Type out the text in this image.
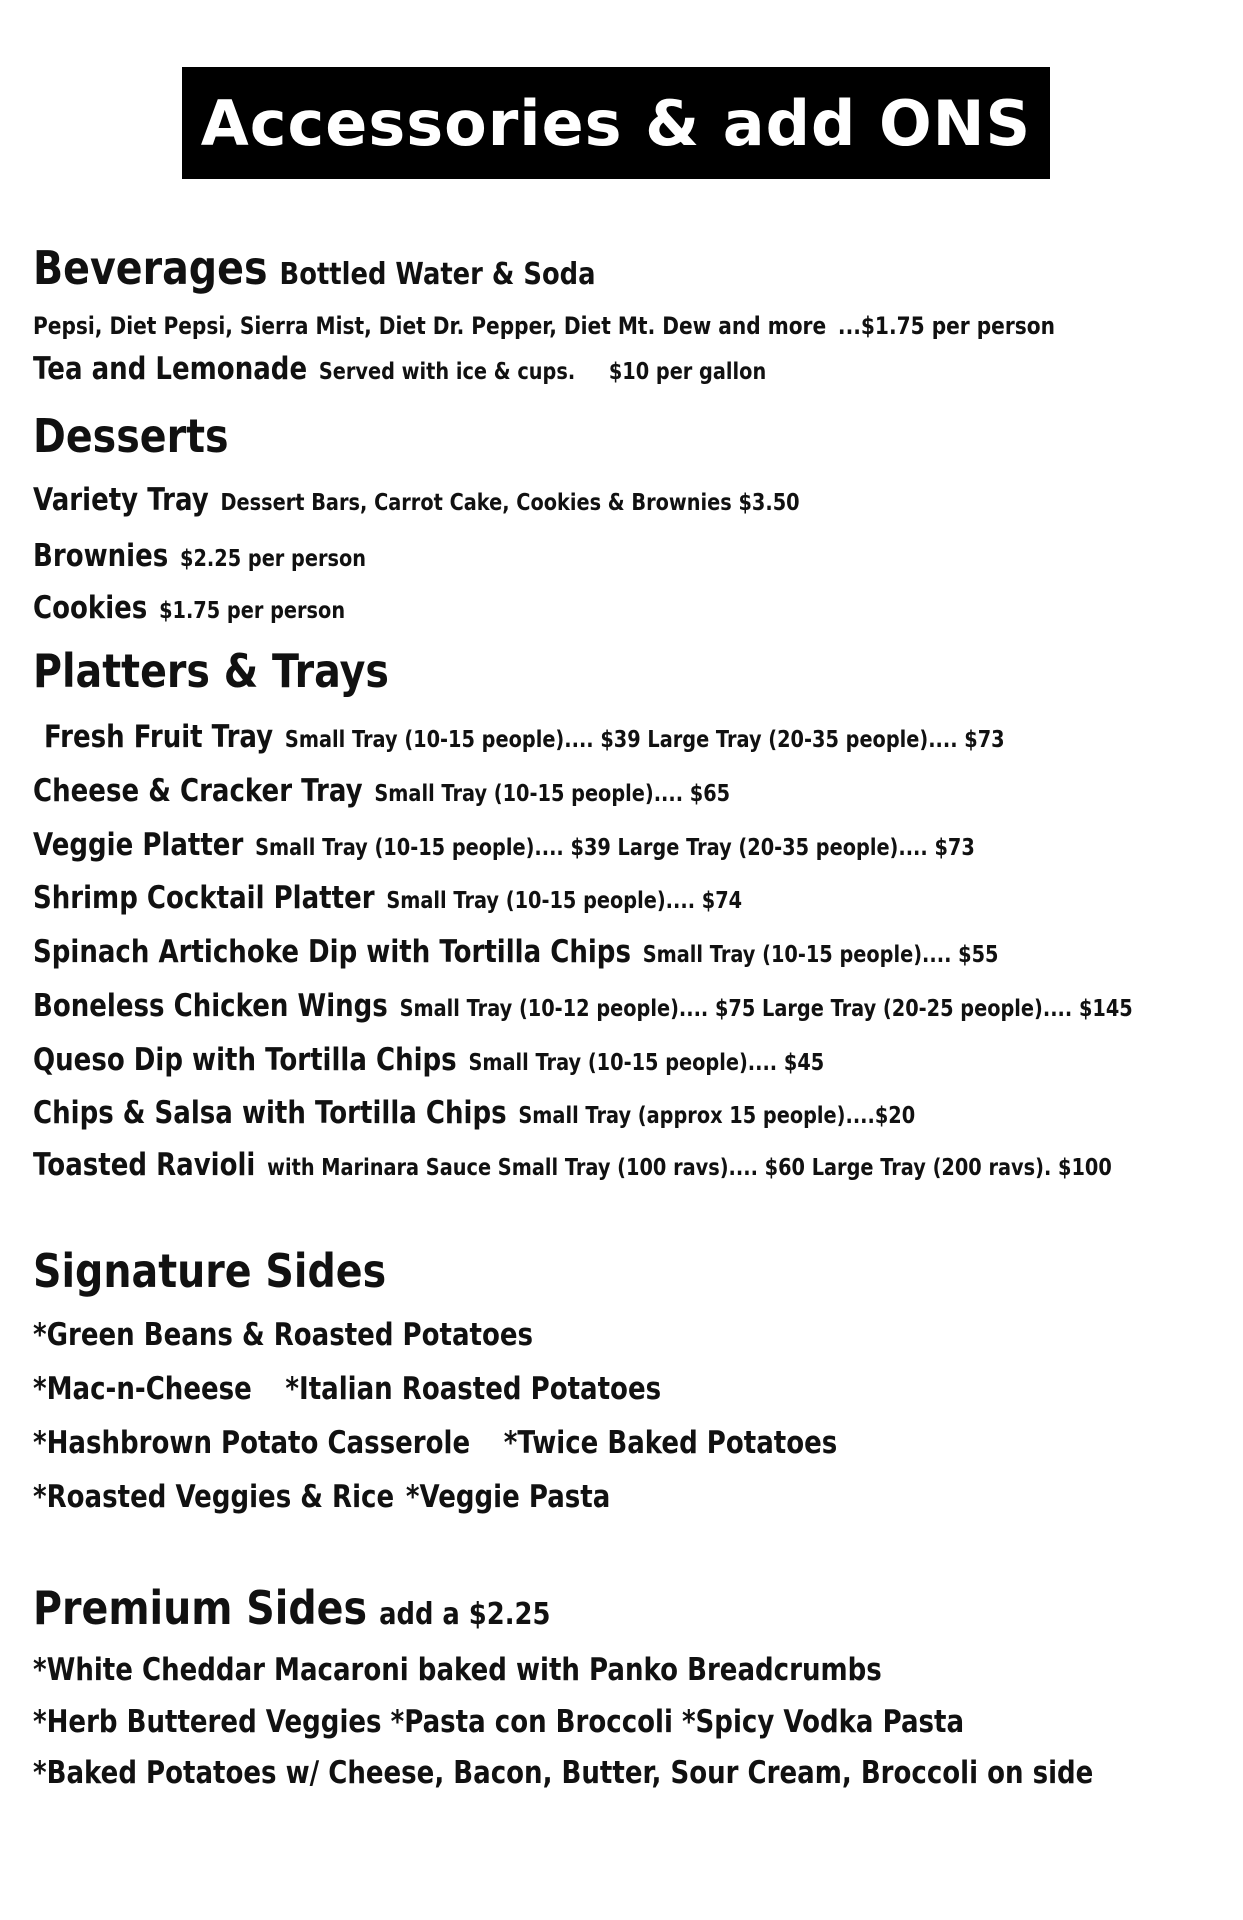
Accessories & add ONS
Beverages Bottled Water & Soda
Pepsi, Diet Pepsi, Sierra Mist, Diet Dr. Pepper, Diet Mt. Dew and more ...$1.75 per person
Tea and Lemonade Served with ice & cups. $10 per gallon
Desserts
Variety Tray Dessert Bars, Carrot Cake, Cookies & Brownies $3.50
Brownies $2.25 per person
Cookies $1.75 per person
Platters & Trays
Fresh Fruit Tray Small Tray (10-15 people).... $39 Large Tray (20-35 people).... $73
Cheese & Cracker Tray Small Tray (10-15 people).... $65
Veggie Platter Small Tray (10-15 people).... $39 Large Tray (20-35 people).... $73
Shrimp Cocktail Platter Small Tray (10-15 people).... $74
Spinach Artichoke Dip with Tortilla Chips Small Tray (10-15 people).... $55
Boneless Chicken Wings Small Tray (10-12 people).... $75 Large Tray (20-25 people).... $145
Queso Dip with Tortilla Chips Small Tray (10-15 people).... $45
Chips & Salsa with Tortilla Chips Small Tray (approx 15 people)....$20
Toasted Ravioli with Marinara Sauce Small Tray (100 ravs).... $60 Large Tray (200 ravs). $100
Signature Sides
*Green Beans & Roasted Potatoes
*Mac-n-Cheese *Italian Roasted Potatoes
*Hashbrown Potato Casserole *Twice Baked Potatoes
*Roasted Veggies & Rice *Veggie Pasta
Premium Sides add a $2.25
*White Cheddar Macaroni baked with Panko Breadcrumbs
*Herb Buttered Veggies *Pasta con Broccoli *Spicy Vodka Pasta
*Baked Potatoes w/ Cheese, Bacon, Butter, Sour Cream, Broccoli on side
